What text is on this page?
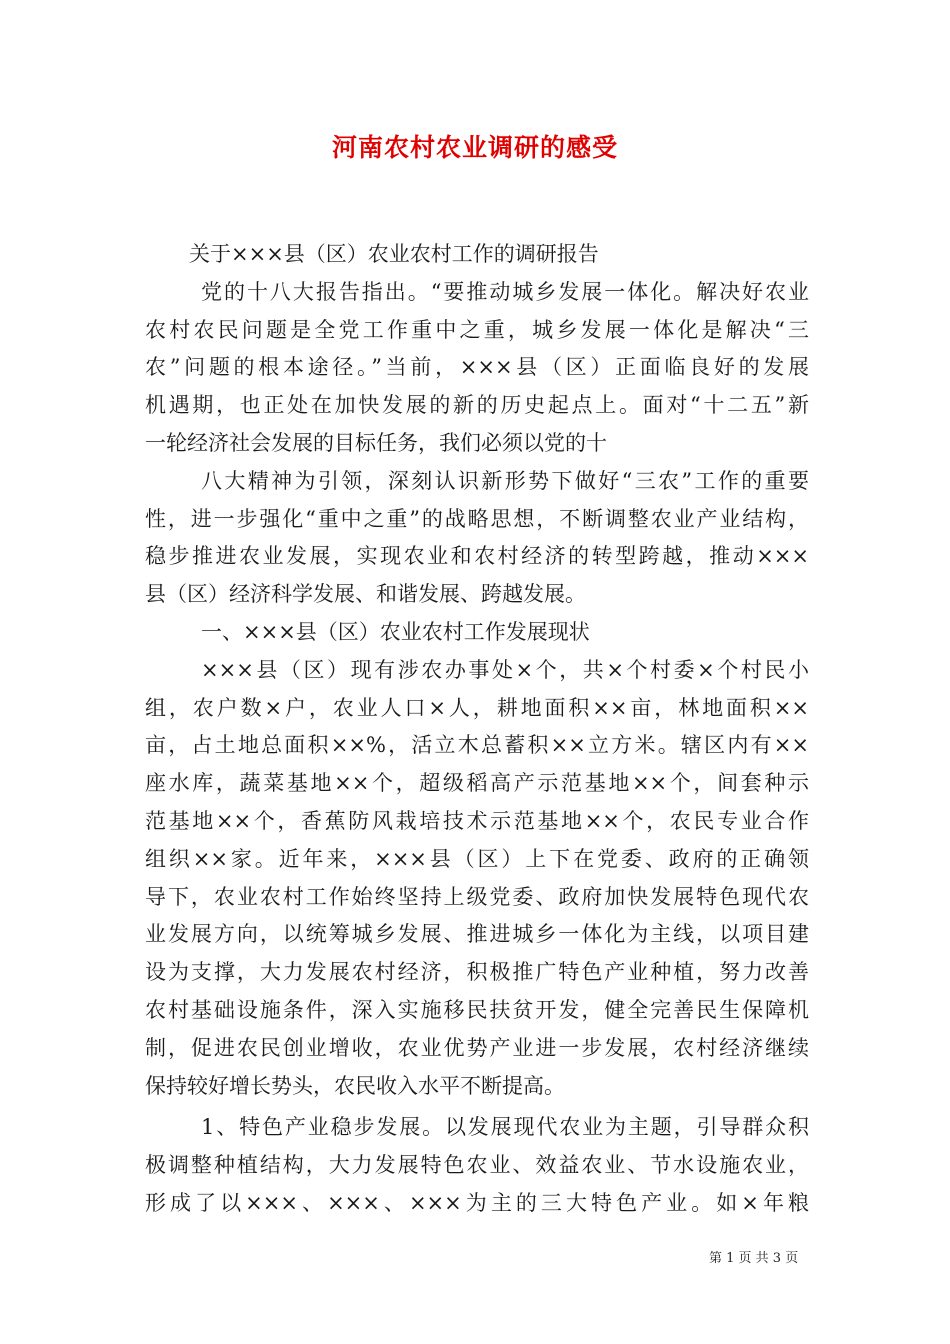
河南农村农业调研的感受
关于×××县（区）农业农村工作的调研报告
党的十八大报告指出。“要推动城乡发展一体化。解决好农业
农村农民问题是全党工作重中之重，城乡发展一体化是解决“三
农”问题的根本途径。”当前，×××县（区）正面临良好的发展
机遇期，也正处在加快发展的新的历史起点上。面对“十二五”新
一轮经济社会发展的目标任务，我们必须以党的十
八大精神为引领，深刻认识新形势下做好“三农”工作的重要
性，进一步强化“重中之重”的战略思想，不断调整农业产业结构，
稳步推进农业发展，实现农业和农村经济的转型跨越，推动×××
县（区）经济科学发展、和谐发展、跨越发展。
一、×××县（区）农业农村工作发展现状
×××县（区）现有涉农办事处×个，共×个村委×个村民小
组，农户数×户，农业人口×人，耕地面积××亩，林地面积××
亩，占土地总面积××%，活立木总蓄积××立方米。辖区内有××
座水库，蔬菜基地××个，超级稻高产示范基地××个，间套种示
范基地××个，香蕉防风栽培技术示范基地××个，农民专业合作
组织××家。近年来，×××县（区）上下在党委、政府的正确领
导下，农业农村工作始终坚持上级党委、政府加快发展特色现代农
业发展方向，以统筹城乡发展、推进城乡一体化为主线，以项目建
设为支撑，大力发展农村经济，积极推广特色产业种植，努力改善
农村基础设施条件，深入实施移民扶贫开发，健全完善民生保障机
制，促进农民创业增收，农业优势产业进一步发展，农村经济继续
保持较好增长势头，农民收入水平不断提高。
1、特色产业稳步发展。以发展现代农业为主题，引导群众积
极调整种植结构，大力发展特色农业、效益农业、节水设施农业，
形成了以×××、×××、×××为主的三大特色产业。如×年粮
第 1 页 共 3 页
